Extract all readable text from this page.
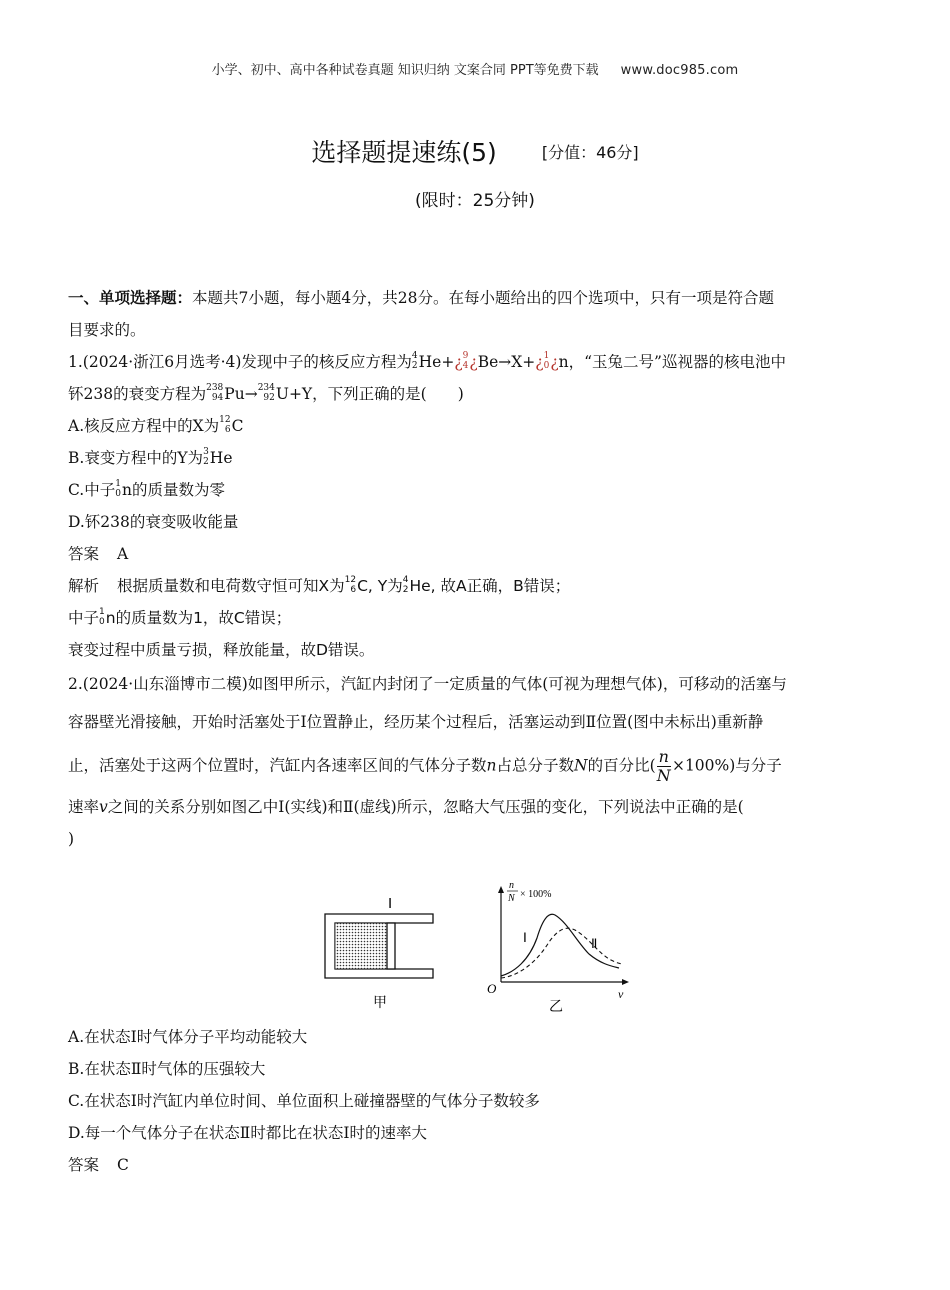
小学、初中、高中各种试卷真题 知识归纳 文案合同 PPT等免费下载 www.doc985.com
选择题提速练(5)	[分值：46分]
(限时：25分钟)

一、单项选择题：本题共7小题，每小题4分，共28分。在每小题给出的四个选项中，只有一项是符合题

目要求的。

1.(2024·浙江6月选考·4)发现中子的核反应方程为 4
2 He+¿ 9
4 ¿Be→X+¿ 1
0 ¿n，“玉兔二号”巡视器的核电池中

钚238的衰变方程为 238
94 Pu→ 234
92 U+Y，下列正确的是(　　)

A.核反应方程中的X为 12
6 C

B.衰变方程中的Y为 3
2 He

C.中子 1
0 n的质量数为零

D.钚238的衰变吸收能量

答案 A

解析 根据质量数和电荷数守恒可知X为 12
6 C, Y为 4
2 He, 故A正确，B错误；

中子 1
0 n的质量数为1，故C错误；

衰变过程中质量亏损，释放能量，故D错误。

2.(2024·山东淄博市二模)如图甲所示，汽缸内封闭了一定质量的气体(可视为理想气体)，可移动的活塞与

容器壁光滑接触，开始时活塞处于Ⅰ位置静止，经历某个过程后，活塞运动到Ⅱ位置(图中未标出)重新静

止，活塞处于这两个位置时，汽缸内各速率区间的气体分子数n占总分子数N的百分比( $\frac{n}{N} \times 100\%$)与分子

速率v之间的关系分别如图乙中Ⅰ(实线)和Ⅱ(虚线)所示，忽略大气压强的变化，下列说法中正确的是(

)

Ⅰ
甲
n
N × 100%
Ⅰ	Ⅱ
O	v
乙

A.在状态Ⅰ时气体分子平均动能较大

B.在状态Ⅱ时气体的压强较大

C.在状态Ⅰ时汽缸内单位时间、单位面积上碰撞器壁的气体分子数较多

D.每一个气体分子在状态Ⅱ时都比在状态Ⅰ时的速率大

答案 C
